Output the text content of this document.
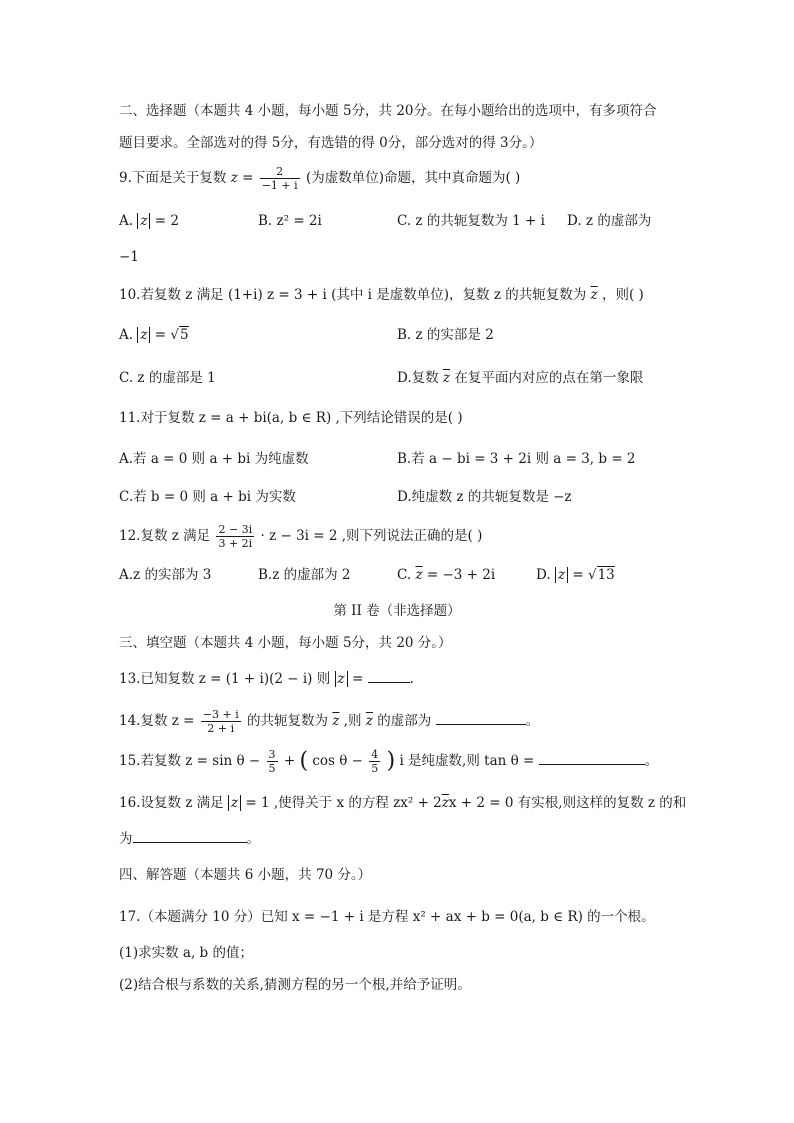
二、选择题（本题共 4 小题，每小题 5分，共 20分。在每小题给出的选项中，有多项符合
题目要求。全部选对的得 5分，有选错的得 0分，部分选对的得 3分。）
9.下面是关于复数 $z = \frac{2}{-1 + i}$ (为虚数单位)命题，其中真命题为( )
A. z = 2	B. z² = 2i	C. z 的共轭复数为 1 + i D. z 的虚部为
−1
10.若复数 z 满足 (1+i) z = 3 + i (其中 i 是虚数单位)，复数 z 的共轭复数为 $\overline{z}$ ，则( )
A. z = √5	B. z 的实部是 2
C. z 的虚部是 1	D.复数 $\overline{z}$ 在复平面内对应的点在第一象限
11.对于复数 z = a + bi(a, b ∈ R) ,下列结论错误的是( )
A.若 a = 0 则 a + bi 为纯虚数	B.若 a − bi = 3 + 2i 则 a = 3, b = 2
C.若 b = 0 则 a + bi 为实数	D.纯虚数 z 的共轭复数是 −z
12.复数 z 满足 $\frac{2 - 3i}{3 + 2i} \cdot z - 3i = 2$ ,则下列说法正确的是( )
A.z 的实部为 3	B.z 的虚部为 2	C. $\overline{z} = -3 + 2i$	D. z = √13
第 II 卷（非选择题）
三、填空题（本题共 4 小题，每小题 5分，共 20 分。）
13.已知复数 z = (1 + i)(2 − i) 则 z =	.
14.复数 $z = \frac{-3 + i}{2 + i}$ 的共轭复数为 $\overline{z}$ ,则 $\overline{z}$ 的虚部为	。
15.若复数 $z = \sin \theta - \frac{3}{5}$ + ( $\cos \theta - \frac{4}{5}$ ) i 是纯虚数,则 tan θ =	。
16.设复数 z 满足 z = 1 ,使得关于 x 的方程 $zx^2 + 2\overline{z}x + 2 = 0$ 有实根,则这样的复数 z 的和
为	。
四、解答题（本题共 6 小题，共 70 分。）
17.（本题满分 10 分）已知 x = −1 + i 是方程 x² + ax + b = 0(a, b ∈ R) 的一个根。
(1)求实数 a, b 的值；
(2)结合根与系数的关系,猜测方程的另一个根,并给予证明。
